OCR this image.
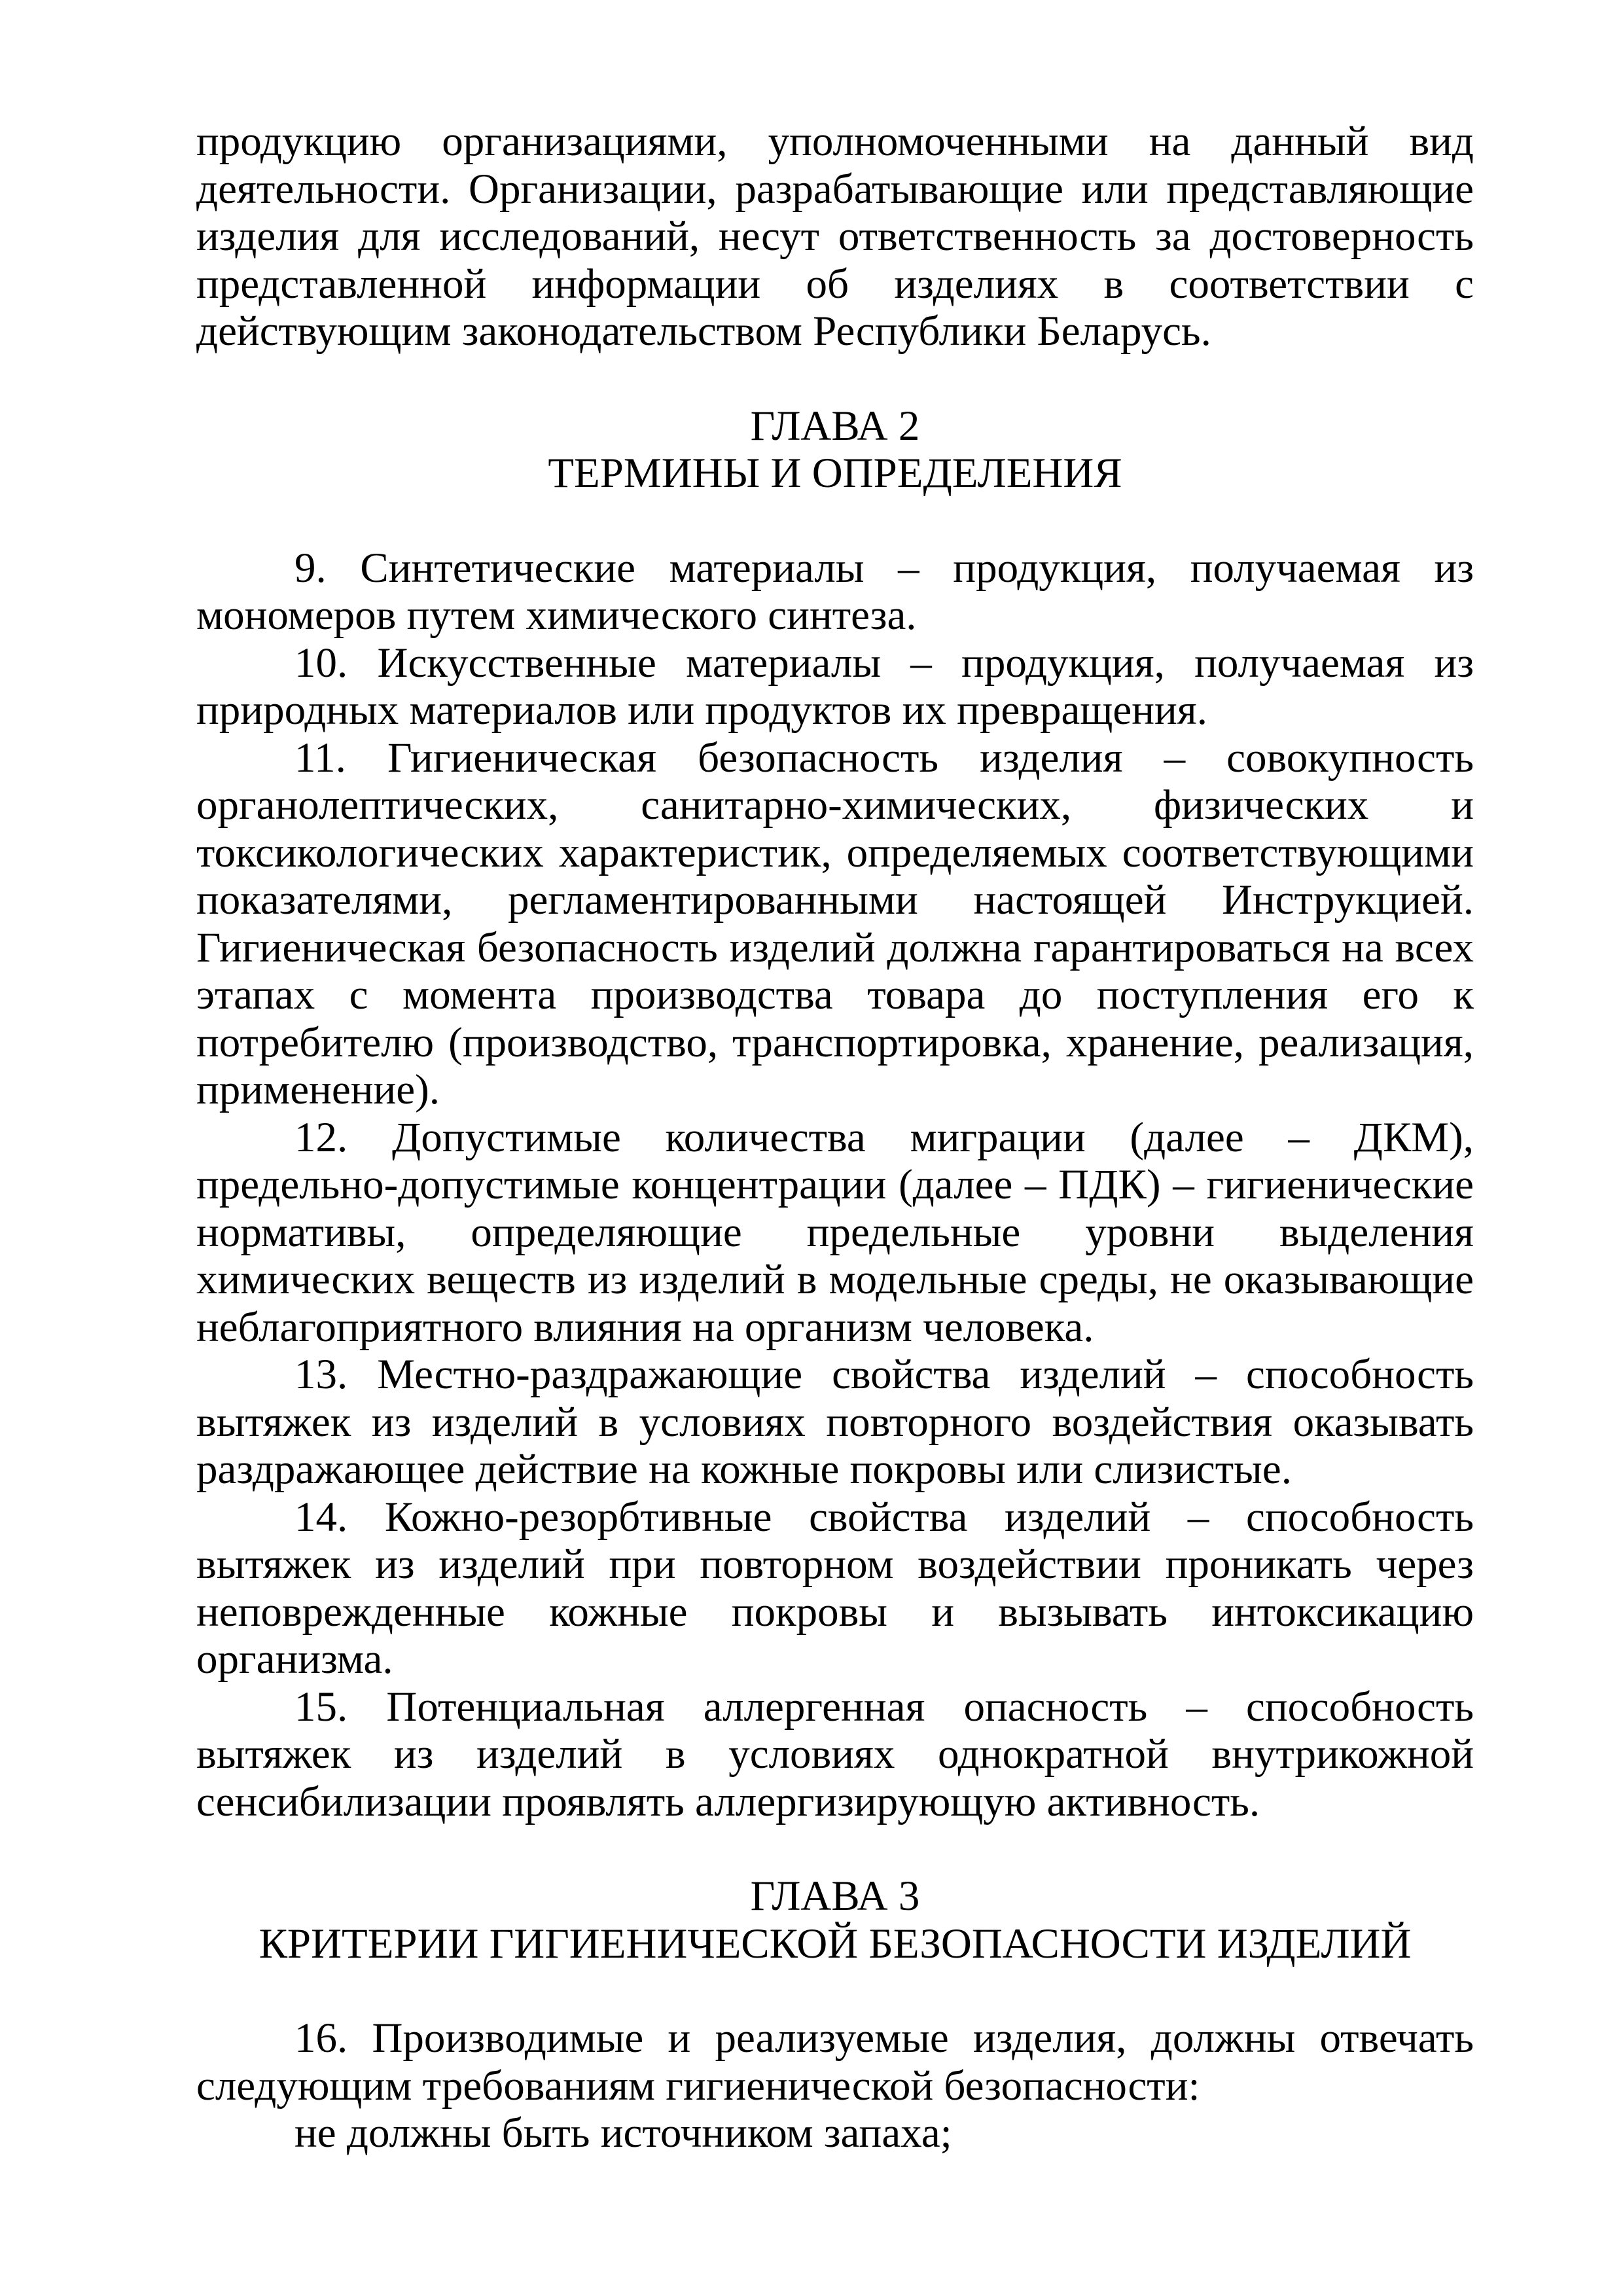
продукцию организациями, уполномоченными на данный вид деятельности. Организации, разрабатывающие или представляющие изделия для исследований, несут ответственность за достоверность представленной информации об изделиях в соответствии с действующим законодательством Республики Беларусь.

ГЛАВА 2

ТЕРМИНЫ И ОПРЕДЕЛЕНИЯ

9. Синтетические материалы – продукция, получаемая из мономеров путем химического синтеза.

10. Искусственные материалы – продукция, получаемая из природных материалов или продуктов их превращения.

11. Гигиеническая безопасность изделия – совокупность органолептических, санитарно-химических, физических и токсикологических характеристик, определяемых соответствующими показателями, регламентированными настоящей Инструкцией. Гигиеническая безопасность изделий должна гарантироваться на всех этапах с момента производства товара до поступления его к потребителю (производство, транспортировка, хранение, реализация, применение).

12. Допустимые количества миграции (далее – ДКМ), предельно-допустимые концентрации (далее – ПДК) – гигиенические нормативы, определяющие предельные уровни выделения химических веществ из изделий в модельные среды, не оказывающие неблагоприятного влияния на организм человека.

13. Местно-раздражающие свойства изделий – способность вытяжек из изделий в условиях повторного воздействия оказывать раздражающее действие на кожные покровы или слизистые.

14. Кожно-резорбтивные свойства изделий – способность вытяжек из изделий при повторном воздействии проникать через неповрежденные кожные покровы и вызывать интоксикацию организма.

15. Потенциальная аллергенная опасность – способность вытяжек из изделий в условиях однократной внутрикожной сенсибилизации проявлять аллергизирующую активность.

ГЛАВА 3

КРИТЕРИИ ГИГИЕНИЧЕСКОЙ БЕЗОПАСНОСТИ ИЗДЕЛИЙ

16. Производимые и реализуемые изделия, должны отвечать следующим требованиям гигиенической безопасности:

не должны быть источником запаха;
